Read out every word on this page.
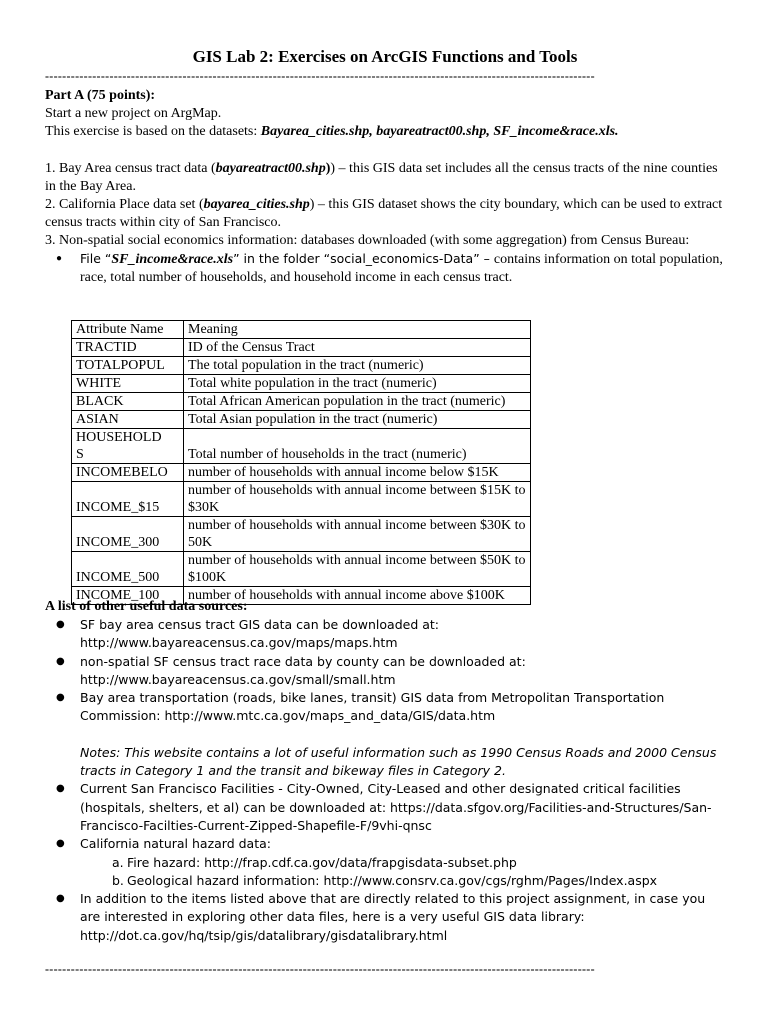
GIS Lab 2: Exercises on ArcGIS Functions and Tools
--------------------------------------------------------------------------------------------------------------------------------

Part A (75 points):

Start a new project on ArgMap.

This exercise is based on the datasets: Bayarea_cities.shp, bayareatract00.shp, SF_income&race.xls.

1. Bay Area census tract data (bayareatract00.shp)) – this GIS data set includes all the census tracts of the nine counties in the Bay Area.

2. California Place data set (bayarea_cities.shp) – this GIS dataset shows the city boundary, which can be used to extract census tracts within city of San Francisco.

3. Non-spatial social economics information: databases downloaded (with some aggregation) from Census Bureau:

● File “SF_income&race.xls” in the folder “social_economics-Data” – contains information on total population, race, total number of households, and household income in each census tract.
Attribute Name	Meaning
TRACTID	ID of the Census Tract
TOTALPOPUL	The total population in the tract (numeric)
WHITE	Total white population in the tract (numeric)
BLACK	Total African American population in the tract (numeric)
ASIAN	Total Asian population in the tract (numeric)
HOUSEHOLD
S	Total number of households in the tract (numeric)
INCOMEBELO	number of households with annual income below $15K
INCOME_$15	number of households with annual income between $15K to $30K
INCOME_300	number of households with annual income between $30K to 50K
INCOME_500	number of households with annual income between $50K to $100K
INCOME_100	number of households with annual income above $100K

A list of other useful data sources:

● SF bay area census tract GIS data can be downloaded at: http://www.bayareacensus.ca.gov/maps/maps.htm
● non-spatial SF census tract race data by county can be downloaded at: http://www.bayareacensus.ca.gov/small/small.htm
● Bay area transportation (roads, bike lanes, transit) GIS data from Metropolitan Transportation Commission: http://www.mtc.ca.gov/maps_and_data/GIS/data.htm

Notes: This website contains a lot of useful information such as 1990 Census Roads and 2000 Census tracts in Category 1 and the transit and bikeway files in Category 2.

● Current San Francisco Facilities - City-Owned, City-Leased and other designated critical facilities (hospitals, shelters, et al) can be downloaded at: https://data.sfgov.org/Facilities-and-Structures/San-Francisco-Facilties-Current-Zipped-Shapefile-F/9vhi-qnsc
● California natural hazard data:
a. Fire hazard: http://frap.cdf.ca.gov/data/frapgisdata-subset.php
b. Geological hazard information: http://www.consrv.ca.gov/cgs/rghm/Pages/Index.aspx
● In addition to the items listed above that are directly related to this project assignment, in case you are interested in exploring other data files, here is a very useful GIS data library: http://dot.ca.gov/hq/tsip/gis/datalibrary/gisdatalibrary.html
--------------------------------------------------------------------------------------------------------------------------------
